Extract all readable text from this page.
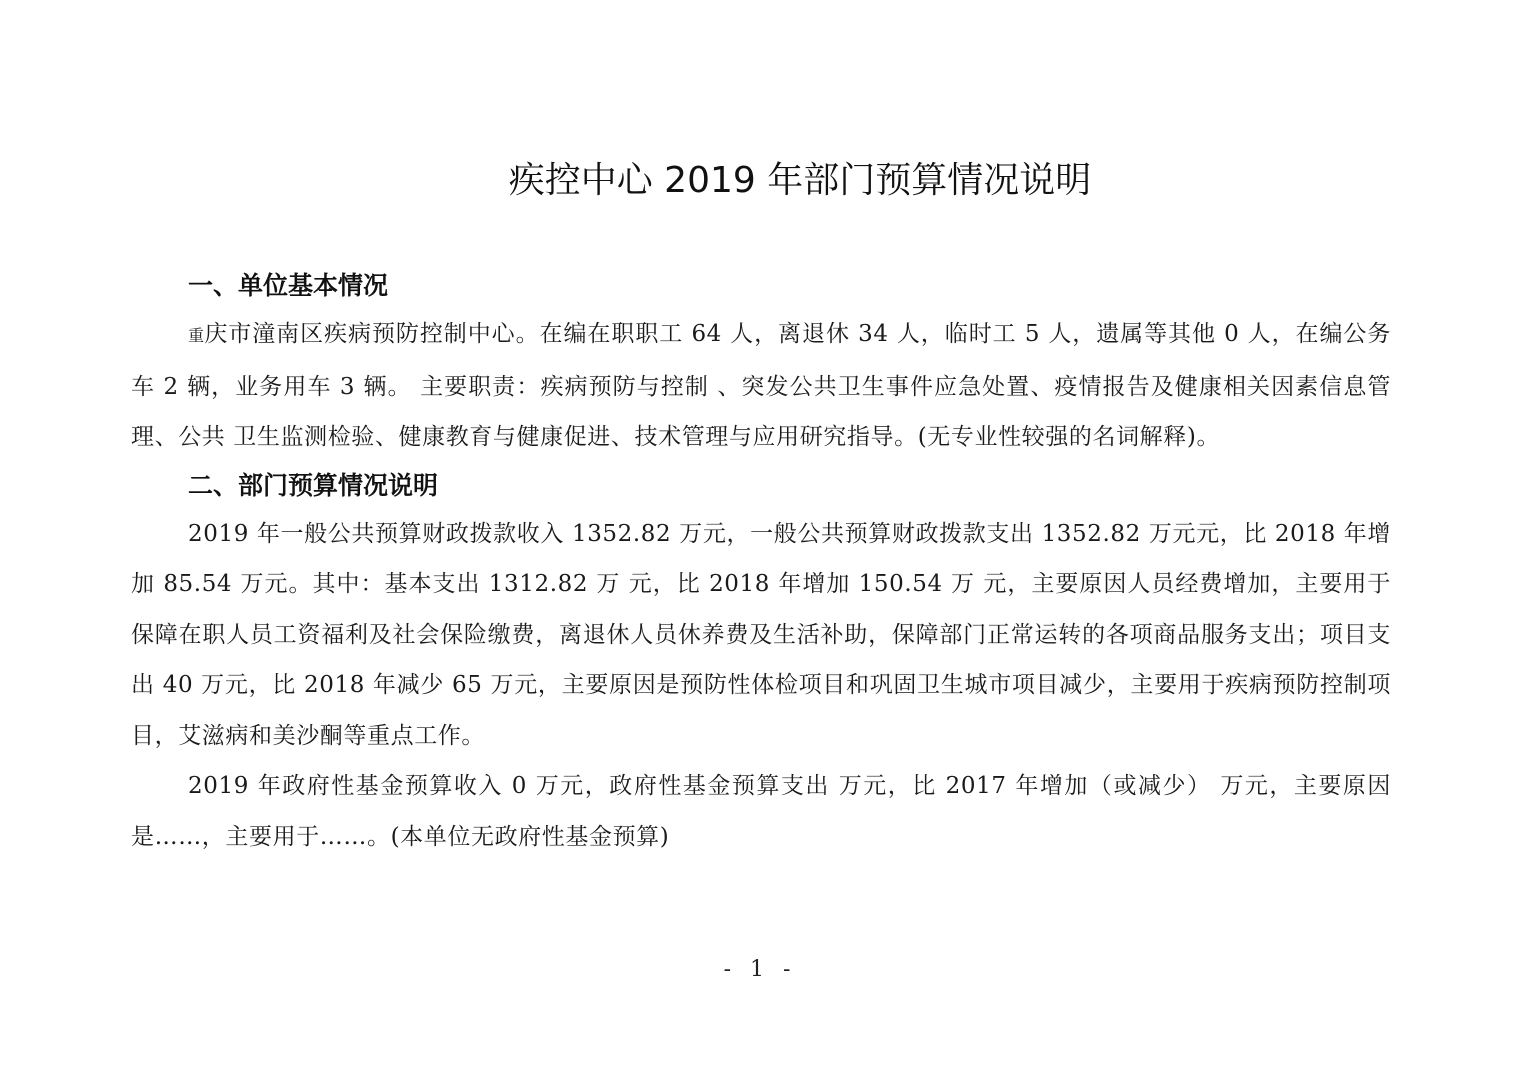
疾控中心 2019 年部门预算情况说明
一、单位基本情况

重庆市潼南区疾病预防控制中心。在编在职职工 64 人，离退休 34 人，临时工 5 人，遗属等其他 0 人，在编公务车 2 辆，业务用车 3 辆。 主要职责：疾病预防与控制 、突发公共卫生事件应急处置、疫情报告及健康相关因素信息管理、公共 卫生监测检验、健康教育与健康促进、技术管理与应用研究指导。(无专业性较强的名词解释)。

二、部门预算情况说明

2019 年一般公共预算财政拨款收入 1352.82 万元，一般公共预算财政拨款支出 1352.82 万元元，比 2018 年增加 85.54 万元。其中：基本支出 1312.82 万 元，比 2018 年增加 150.54 万 元，主要原因人员经费增加，主要用于保障在职人员工资福利及社会保险缴费，离退休人员休养费及生活补助，保障部门正常运转的各项商品服务支出；项目支出 40 万元，比 2018 年减少 65 万元，主要原因是预防性体检项目和巩固卫生城市项目减少，主要用于疾病预防控制项目，艾滋病和美沙酮等重点工作。

2019 年政府性基金预算收入 0 万元，政府性基金预算支出 万元，比 2017 年增加（或减少） 万元，主要原因是……，主要用于……。(本单位无政府性基金预算)

- 1 -
